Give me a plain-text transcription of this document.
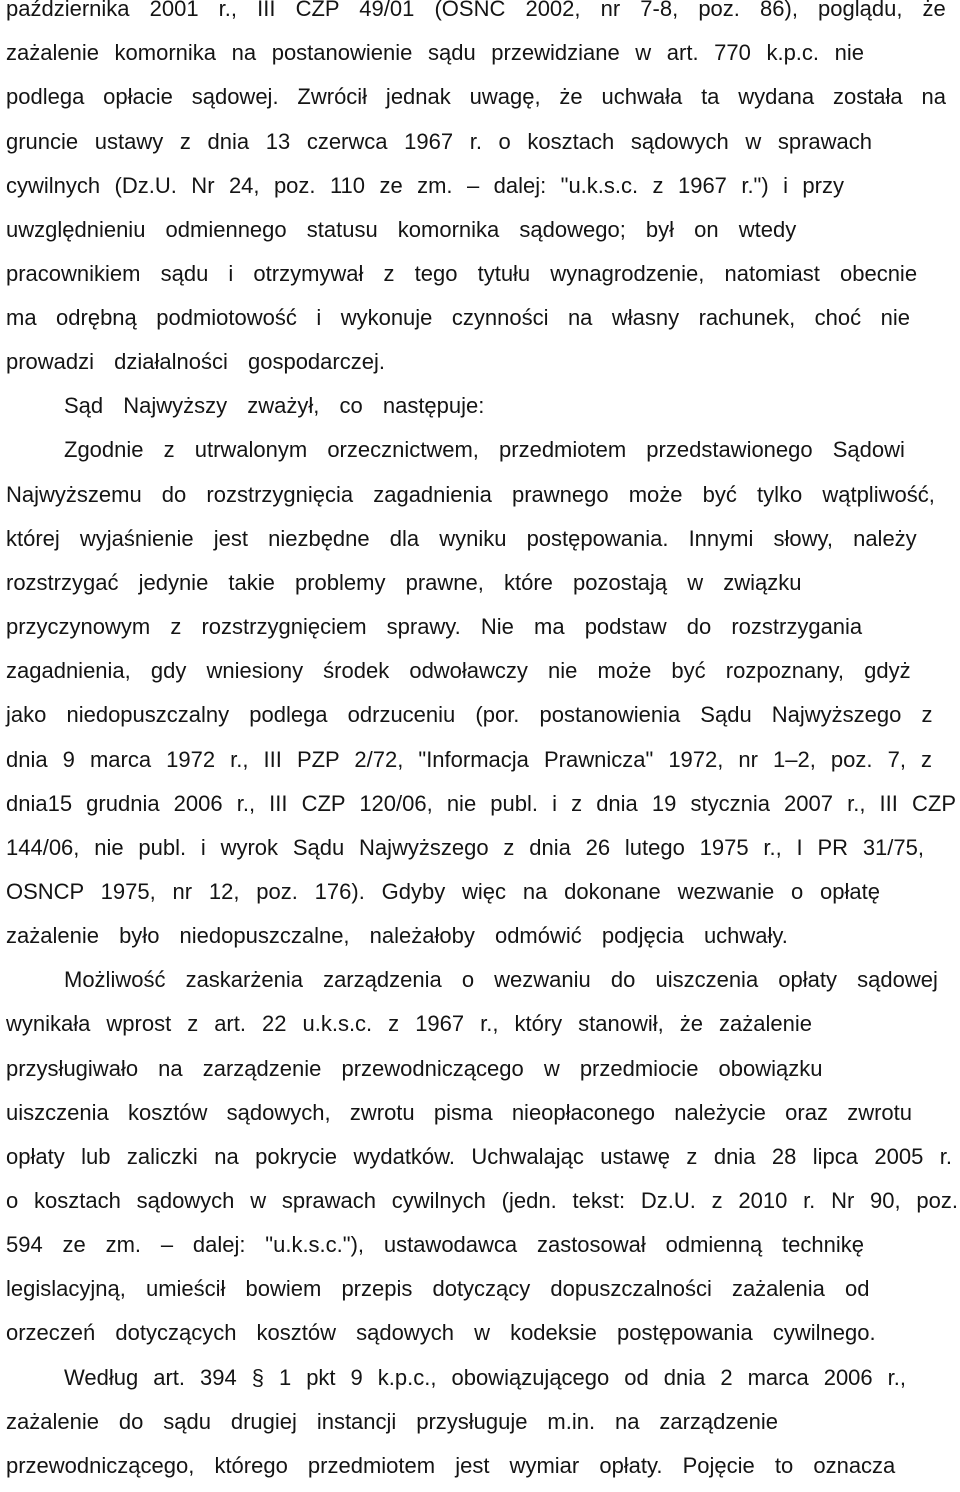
października 2001 r., III CZP 49/01 (OSNC 2002, nr 7-8, poz. 86), poglądu, że
zażalenie komornika na postanowienie sądu przewidziane w art. 770 k.p.c. nie
podlega opłacie sądowej. Zwrócił jednak uwagę, że uchwała ta wydana została na
gruncie ustawy z dnia 13 czerwca 1967 r. o kosztach sądowych w sprawach
cywilnych (Dz.U. Nr 24, poz. 110 ze zm. – dalej: "u.k.s.c. z 1967 r.") i przy
uwzględnieniu odmiennego statusu komornika sądowego; był on wtedy
pracownikiem sądu i otrzymywał z tego tytułu wynagrodzenie, natomiast obecnie
ma odrębną podmiotowość i wykonuje czynności na własny rachunek, choć nie
prowadzi działalności gospodarczej.
Sąd Najwyższy zważył, co następuje:
Zgodnie z utrwalonym orzecznictwem, przedmiotem przedstawionego Sądowi
Najwyższemu do rozstrzygnięcia zagadnienia prawnego może być tylko wątpliwość,
której wyjaśnienie jest niezbędne dla wyniku postępowania. Innymi słowy, należy
rozstrzygać jedynie takie problemy prawne, które pozostają w związku
przyczynowym z rozstrzygnięciem sprawy. Nie ma podstaw do rozstrzygania
zagadnienia, gdy wniesiony środek odwoławczy nie może być rozpoznany, gdyż
jako niedopuszczalny podlega odrzuceniu (por. postanowienia Sądu Najwyższego z
dnia 9 marca 1972 r., III PZP 2/72, "Informacja Prawnicza" 1972, nr 1–2, poz. 7, z
dnia15 grudnia 2006 r., III CZP 120/06, nie publ. i z dnia 19 stycznia 2007 r., III CZP
144/06, nie publ. i wyrok Sądu Najwyższego z dnia 26 lutego 1975 r., I PR 31/75,
OSNCP 1975, nr 12, poz. 176). Gdyby więc na dokonane wezwanie o opłatę
zażalenie było niedopuszczalne, należałoby odmówić podjęcia uchwały.
Możliwość zaskarżenia zarządzenia o wezwaniu do uiszczenia opłaty sądowej
wynikała wprost z art. 22 u.k.s.c. z 1967 r., który stanowił, że zażalenie
przysługiwało na zarządzenie przewodniczącego w przedmiocie obowiązku
uiszczenia kosztów sądowych, zwrotu pisma nieopłaconego należycie oraz zwrotu
opłaty lub zaliczki na pokrycie wydatków. Uchwalając ustawę z dnia 28 lipca 2005 r.
o kosztach sądowych w sprawach cywilnych (jedn. tekst: Dz.U. z 2010 r. Nr 90, poz.
594 ze zm. – dalej: "u.k.s.c."), ustawodawca zastosował odmienną technikę
legislacyjną, umieścił bowiem przepis dotyczący dopuszczalności zażalenia od
orzeczeń dotyczących kosztów sądowych w kodeksie postępowania cywilnego.
Według art. 394 § 1 pkt 9 k.p.c., obowiązującego od dnia 2 marca 2006 r.,
zażalenie do sądu drugiej instancji przysługuje m.in. na zarządzenie
przewodniczącego, którego przedmiotem jest wymiar opłaty. Pojęcie to oznacza
